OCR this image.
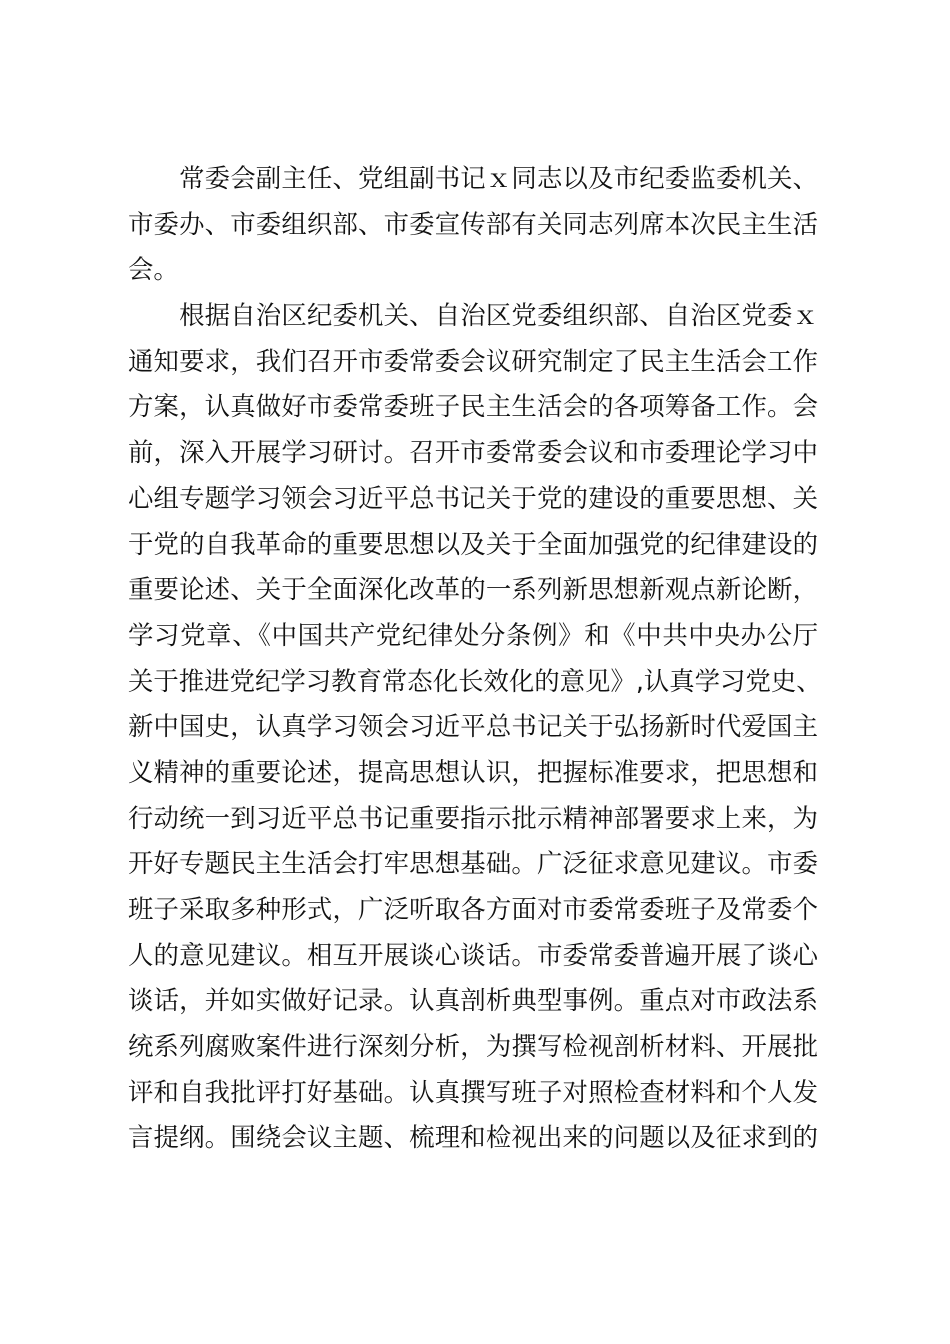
　　常委会副主任、党组副书记ｘ同志以及市纪委监委机关、
市委办、市委组织部、市委宣传部有关同志列席本次民主生活
会。
　　根据自治区纪委机关、自治区党委组织部、自治区党委ｘ
通知要求，我们召开市委常委会议研究制定了民主生活会工作
方案，认真做好市委常委班子民主生活会的各项筹备工作。会
前，深入开展学习研讨。召开市委常委会议和市委理论学习中
心组专题学习领会习近平总书记关于党的建设的重要思想、关
于党的自我革命的重要思想以及关于全面加强党的纪律建设的
重要论述、关于全面深化改革的一系列新思想新观点新论断，
学习党章、《中国共产党纪律处分条例》和《中共中央办公厅
关于推进党纪学习教育常态化长效化的意见》,认真学习党史、
新中国史，认真学习领会习近平总书记关于弘扬新时代爱国主
义精神的重要论述，提高思想认识，把握标准要求，把思想和
行动统一到习近平总书记重要指示批示精神部署要求上来，为
开好专题民主生活会打牢思想基础。广泛征求意见建议。市委
班子采取多种形式，广泛听取各方面对市委常委班子及常委个
人的意见建议。相互开展谈心谈话。市委常委普遍开展了谈心
谈话，并如实做好记录。认真剖析典型事例。重点对市政法系
统系列腐败案件进行深刻分析，为撰写检视剖析材料、开展批
评和自我批评打好基础。认真撰写班子对照检查材料和个人发
言提纲。围绕会议主题、梳理和检视出来的问题以及征求到的
